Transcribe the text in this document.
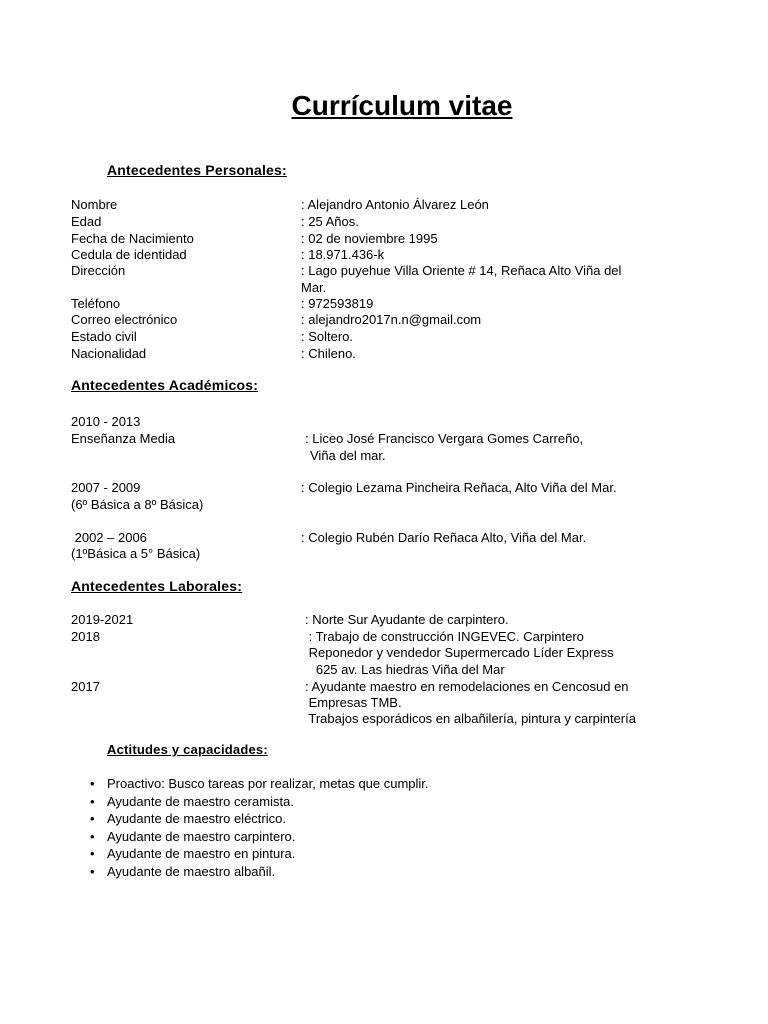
Currículum vitae
Antecedentes Personales:
Nombre	: Alejandro Antonio Álvarez León
Edad	: 25 Años.
Fecha de Nacimiento	: 02 de noviembre 1995
Cedula de identidad	: 18.971.436-k
Dirección	: Lago puyehue Villa Oriente # 14, Reñaca Alto Viña del
Mar.
Teléfono	: 972593819
Correo electrónico	: alejandro2017n.n@gmail.com
Estado civil	: Soltero.
Nacionalidad	: Chileno.
Antecedentes Académicos:
2010 - 2013
Enseñanza Media	: Liceo José Francisco Vergara Gomes Carreño,
Viña del mar.
2007 - 2009	: Colegio Lezama Pincheira Reñaca, Alto Viña del Mar.
(6º Básica a 8º Básica)
2002 – 2006	: Colegio Rubén Darío Reñaca Alto, Viña del Mar.
(1ºBásica a 5° Básica)
Antecedentes Laborales:
2019-2021	: Norte Sur Ayudante de carpintero.
2018	: Trabajo de construcción INGEVEC. Carpintero
Reponedor y vendedor Supermercado Líder Express
625 av. Las hiedras Viña del Mar
2017	: Ayudante maestro en remodelaciones en Cencosud en
Empresas TMB.
Trabajos esporádicos en albañilería, pintura y carpintería
Actitudes y capacidades:
• Proactivo: Busco tareas por realizar, metas que cumplir.
• Ayudante de maestro ceramista.
• Ayudante de maestro eléctrico.
• Ayudante de maestro carpintero.
• Ayudante de maestro en pintura.
• Ayudante de maestro albañil.
